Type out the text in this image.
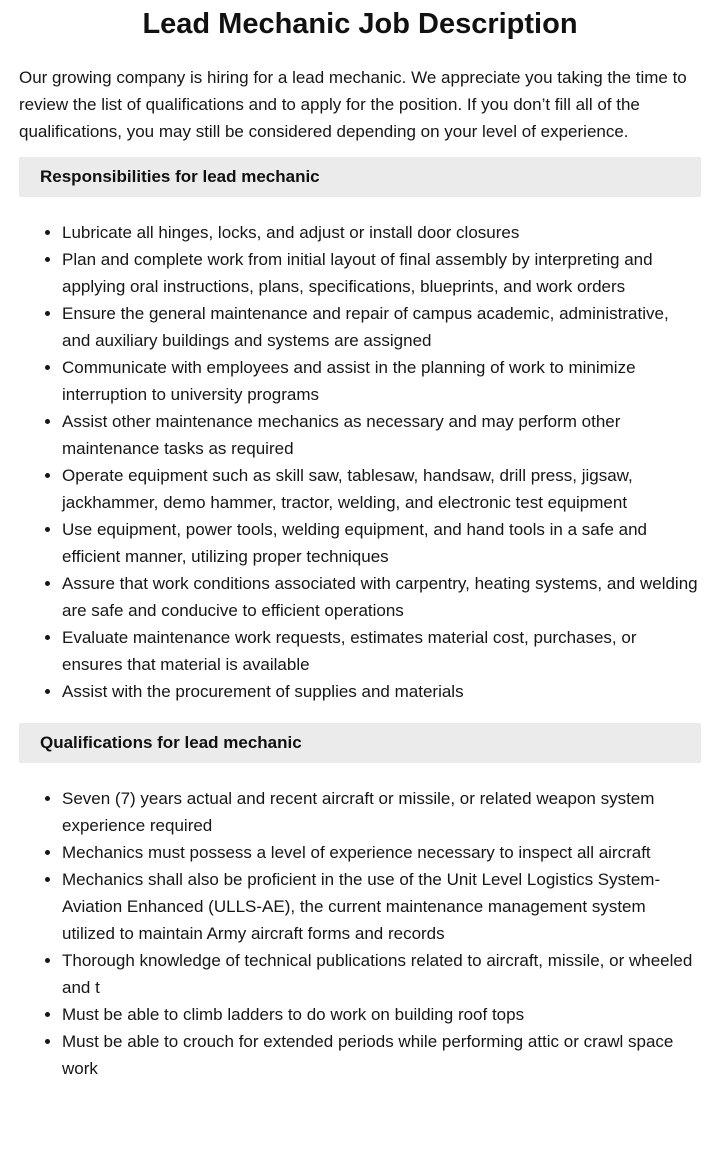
Lead Mechanic Job Description

Our growing company is hiring for a lead mechanic. We appreciate you taking the time to review the list of qualifications and to apply for the position. If you don’t fill all of the qualifications, you may still be considered depending on your level of experience.

Responsibilities for lead mechanic
Lubricate all hinges, locks, and adjust or install door closures
Plan and complete work from initial layout of final assembly by interpreting and applying oral instructions, plans, specifications, blueprints, and work orders
Ensure the general maintenance and repair of campus academic, administrative, and auxiliary buildings and systems are assigned
Communicate with employees and assist in the planning of work to minimize interruption to university programs
Assist other maintenance mechanics as necessary and may perform other maintenance tasks as required
Operate equipment such as skill saw, tablesaw, handsaw, drill press, jigsaw, jackhammer, demo hammer, tractor, welding, and electronic test equipment
Use equipment, power tools, welding equipment, and hand tools in a safe and efficient manner, utilizing proper techniques
Assure that work conditions associated with carpentry, heating systems, and welding are safe and conducive to efficient operations
Evaluate maintenance work requests, estimates material cost, purchases, or ensures that material is available
Assist with the procurement of supplies and materials
Qualifications for lead mechanic
Seven (7) years actual and recent aircraft or missile, or related weapon system experience required
Mechanics must possess a level of experience necessary to inspect all aircraft
Mechanics shall also be proficient in the use of the Unit Level Logistics System-Aviation Enhanced (ULLS-AE), the current maintenance management system utilized to maintain Army aircraft forms and records
Thorough knowledge of technical publications related to aircraft, missile, or wheeled and t
Must be able to climb ladders to do work on building roof tops
Must be able to crouch for extended periods while performing attic or crawl space work
